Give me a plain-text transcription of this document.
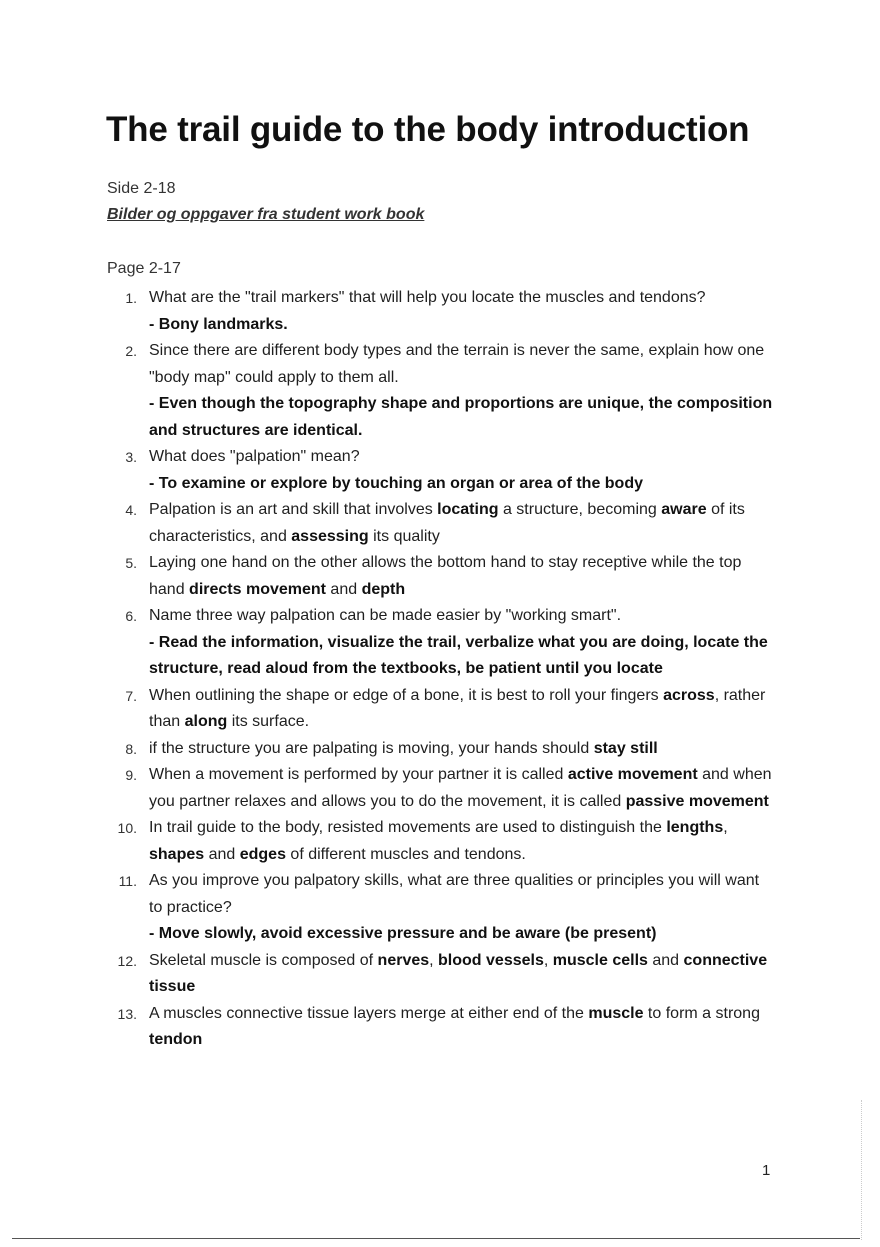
The trail guide to the body introduction
Side 2-18
Bilder og oppgaver fra student work book
Page 2-17
1. What are the "trail markers" that will help you locate the muscles and tendons?
- Bony landmarks.
2. Since there are different body types and the terrain is never the same, explain how one "body map" could apply to them all.
- Even though the topography shape and proportions are unique, the composition and structures are identical.
3. What does "palpation" mean?
- To examine or explore by touching an organ or area of the body
4. Palpation is an art and skill that involves locating a structure, becoming aware of its characteristics, and assessing its quality
5. Laying one hand on the other allows the bottom hand to stay receptive while the top hand directs movement and depth
6. Name three way palpation can be made easier by "working smart".
- Read the information, visualize the trail, verbalize what you are doing, locate the structure, read aloud from the textbooks, be patient until you locate
7. When outlining the shape or edge of a bone, it is best to roll your fingers across, rather than along its surface.
8. if the structure you are palpating is moving, your hands should stay still
9. When a movement is performed by your partner it is called active movement and when you partner relaxes and allows you to do the movement, it is called passive movement
10. In trail guide to the body, resisted movements are used to distinguish the lengths, shapes and edges of different muscles and tendons.
11. As you improve you palpatory skills, what are three qualities or principles you will want to practice?
- Move slowly, avoid excessive pressure and be aware (be present)
12. Skeletal muscle is composed of nerves, blood vessels, muscle cells and connective tissue
13. A muscles connective tissue layers merge at either end of the muscle to form a strong tendon
1
